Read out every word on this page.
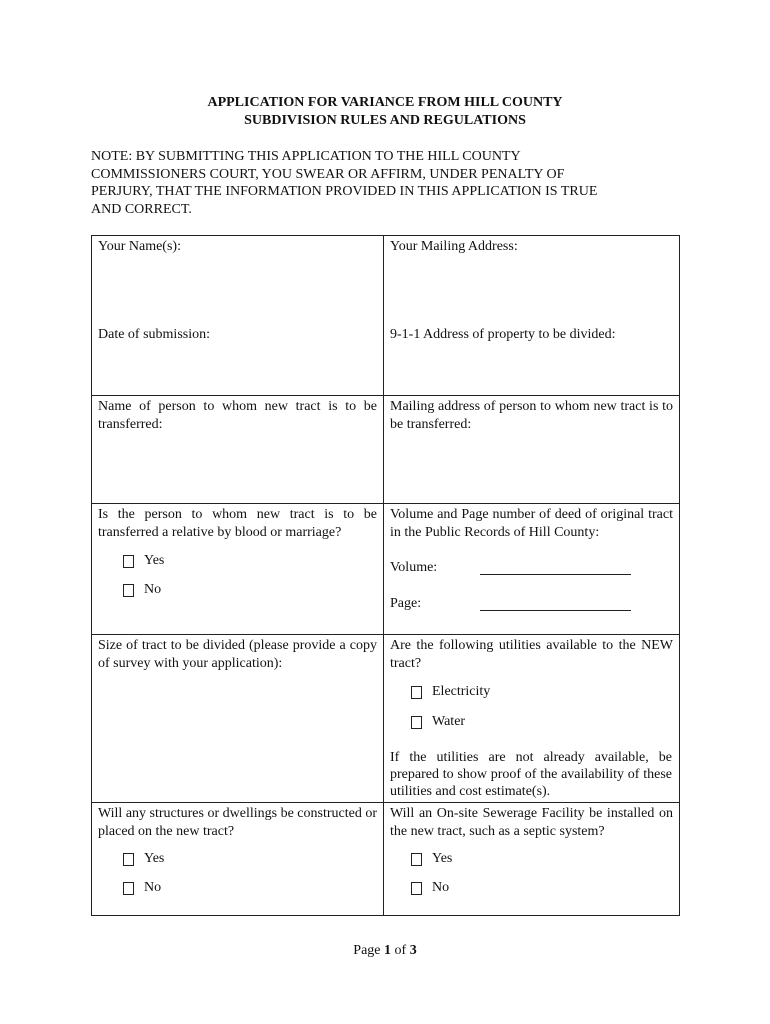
APPLICATION FOR VARIANCE FROM HILL COUNTY
SUBDIVISION RULES AND REGULATIONS
NOTE: BY SUBMITTING THIS APPLICATION TO THE HILL COUNTY
COMMISSIONERS COURT, YOU SWEAR OR AFFIRM, UNDER PENALTY OF
PERJURY, THAT THE INFORMATION PROVIDED IN THIS APPLICATION IS TRUE
AND CORRECT.
Your Name(s):
Date of submission:
Your Mailing Address:
9-1-1 Address of property to be divided:
Name of person to whom new tract is to be transferred:
Mailing address of person to whom new tract is to be transferred:
Is the person to whom new tract is to be transferred a relative by blood or marriage?
Yes
No
Volume and Page number of deed of original tract in the Public Records of Hill County:
Volume:
Page:
Size of tract to be divided (please provide a copy of survey with your application):
Are the following utilities available to the NEW tract?
Electricity
Water
If the utilities are not already available, be prepared to show proof of the availability of these utilities and cost estimate(s).
Will any structures or dwellings be constructed or placed on the new tract?
Yes
No
Will an On-site Sewerage Facility be installed on the new tract, such as a septic system?
Yes
No
Page 1 of 3
